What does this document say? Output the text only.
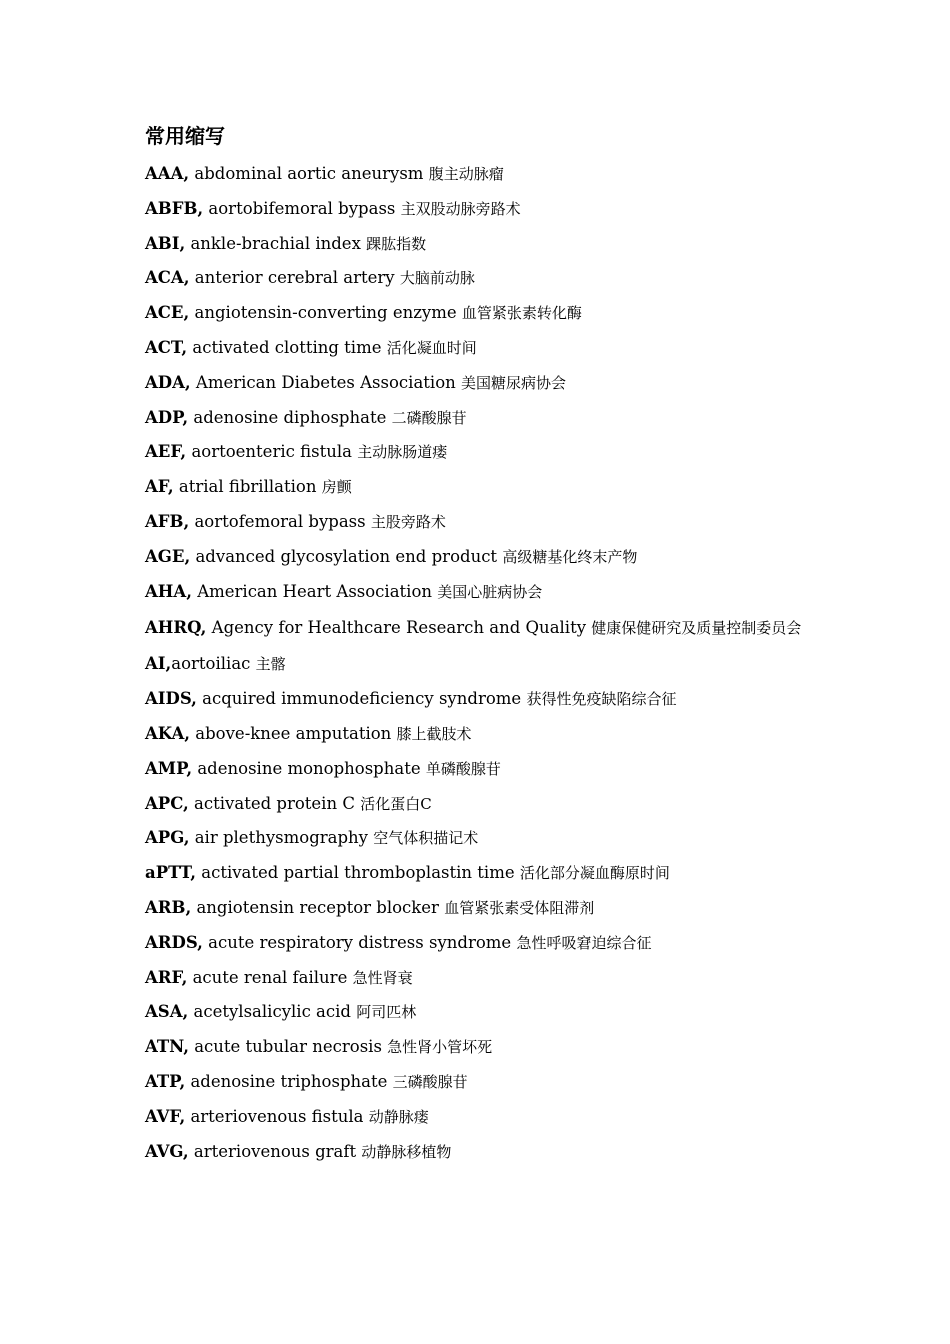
常用缩写
AAA, abdominal aortic aneurysm 腹主动脉瘤
ABFB, aortobifemoral bypass 主双股动脉旁路术
ABI, ankle-brachial index 踝肱指数
ACA, anterior cerebral artery 大脑前动脉
ACE, angiotensin-converting enzyme 血管紧张素转化酶
ACT, activated clotting time 活化凝血时间
ADA, American Diabetes Association 美国糖尿病协会
ADP, adenosine diphosphate 二磷酸腺苷
AEF, aortoenteric fistula 主动脉肠道瘘
AF, atrial fibrillation 房颤
AFB, aortofemoral bypass 主股旁路术
AGE, advanced glycosylation end product 高级糖基化终末产物
AHA, American Heart Association 美国心脏病协会
AHRQ, Agency for Healthcare Research and Quality 健康保健研究及质量控制委员会
AI,aortoiliac 主髂
AIDS, acquired immunodeficiency syndrome 获得性免疫缺陷综合征
AKA, above-knee amputation 膝上截肢术
AMP, adenosine monophosphate 单磷酸腺苷
APC, activated protein C 活化蛋白C
APG, air plethysmography 空气体积描记术
aPTT, activated partial thromboplastin time 活化部分凝血酶原时间
ARB, angiotensin receptor blocker 血管紧张素受体阻滞剂
ARDS, acute respiratory distress syndrome 急性呼吸窘迫综合征
ARF, acute renal failure 急性肾衰
ASA, acetylsalicylic acid 阿司匹林
ATN, acute tubular necrosis 急性肾小管坏死
ATP, adenosine triphosphate 三磷酸腺苷
AVF, arteriovenous fistula 动静脉瘘
AVG, arteriovenous graft 动静脉移植物
